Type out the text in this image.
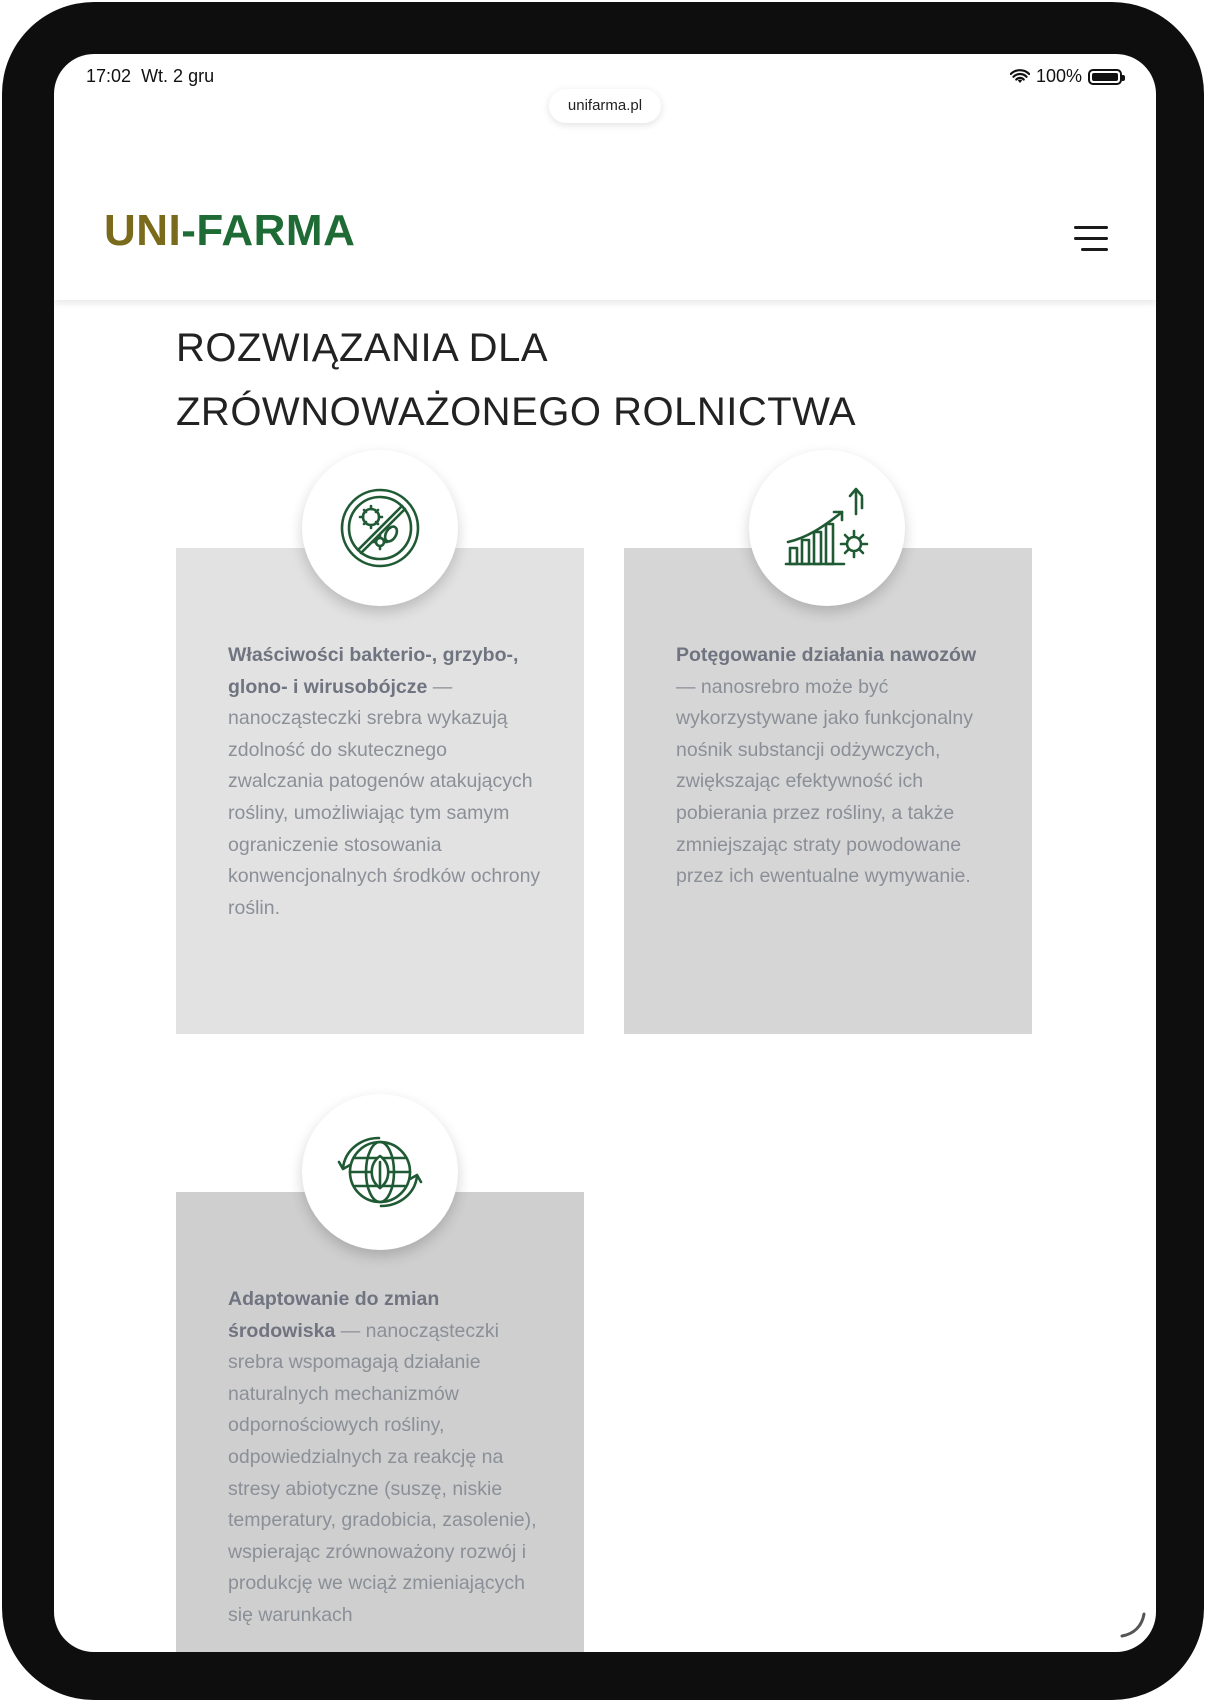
17:02 Wt. 2 gru	100%
unifarma.pl
UNI-FARMA
ROZWIĄZANIA DLA
ZRÓWNOWAŻONEGO ROLNICTWA
Właściwości bakterio-, grzybo-, glono- i wirusobójcze — nanocząsteczki srebra wykazują zdolność do skutecznego zwalczania patogenów atakujących rośliny, umożliwiając tym samym ograniczenie stosowania konwencjonalnych środków ochrony roślin.
Potęgowanie działania nawozów — nanosrebro może być wykorzystywane jako funkcjonalny nośnik substancji odżywczych, zwiększając efektywność ich pobierania przez rośliny, a także zmniejszając straty powodowane przez ich ewentualne wymywanie.
Adaptowanie do zmian środowiska — nanocząsteczki srebra wspomagają działanie naturalnych mechanizmów odpornościowych rośliny, odpowiedzialnych za reakcję na stresy abiotyczne (suszę, niskie temperatury, gradobicia, zasolenie), wspierając zrównoważony rozwój i produkcję we wciąż zmieniających się warunkach
